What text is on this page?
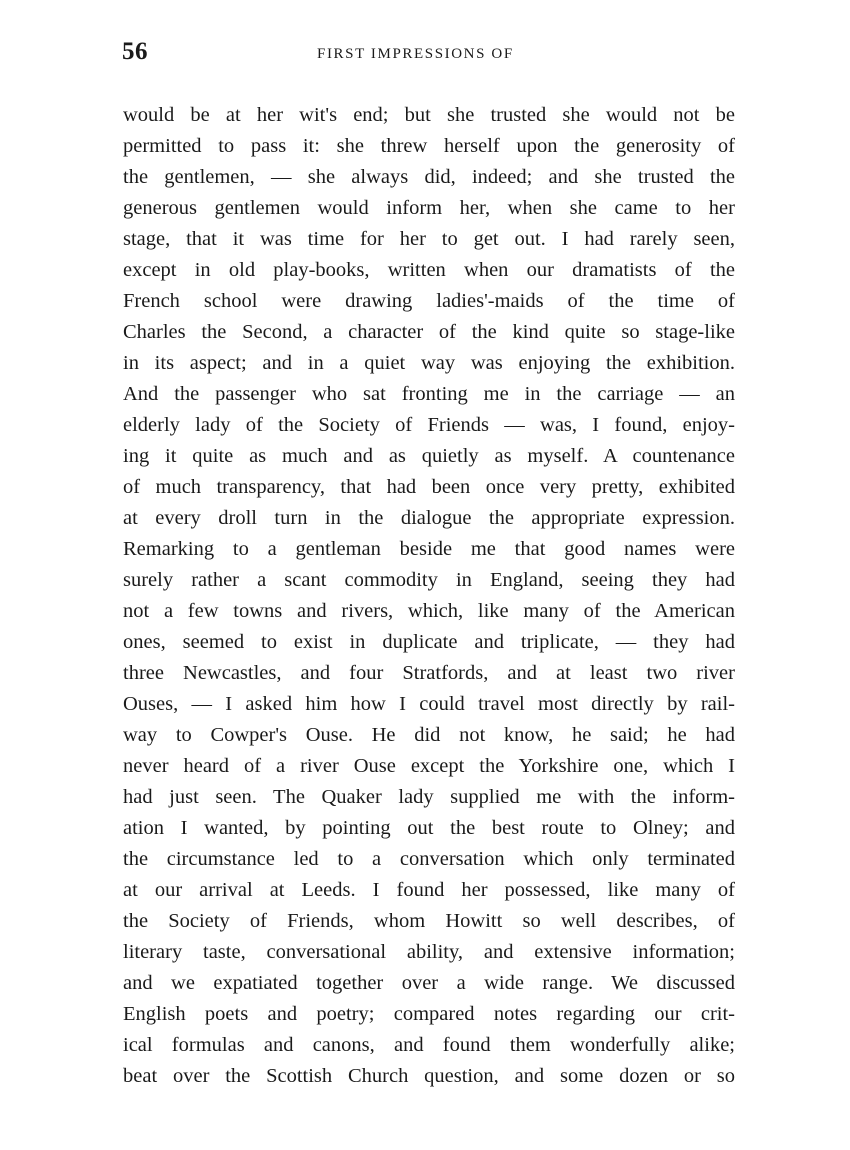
56	FIRST IMPRESSIONS OF
would be at her wit's end; but she trusted she would not be
permitted to pass it: she threw herself upon the generosity of
the gentlemen, — she always did, indeed; and she trusted the
generous gentlemen would inform her, when she came to her
stage, that it was time for her to get out. I had rarely seen,
except in old play-books, written when our dramatists of the
French school were drawing ladies'-maids of the time of
Charles the Second, a character of the kind quite so stage-like
in its aspect; and in a quiet way was enjoying the exhibition.
And the passenger who sat fronting me in the carriage — an
elderly lady of the Society of Friends — was, I found, enjoy-
ing it quite as much and as quietly as myself. A countenance
of much transparency, that had been once very pretty, exhibited
at every droll turn in the dialogue the appropriate expression.
Remarking to a gentleman beside me that good names were
surely rather a scant commodity in England, seeing they had
not a few towns and rivers, which, like many of the American
ones, seemed to exist in duplicate and triplicate, — they had
three Newcastles, and four Stratfords, and at least two river
Ouses, — I asked him how I could travel most directly by rail-
way to Cowper's Ouse. He did not know, he said; he had
never heard of a river Ouse except the Yorkshire one, which I
had just seen. The Quaker lady supplied me with the inform-
ation I wanted, by pointing out the best route to Olney; and
the circumstance led to a conversation which only terminated
at our arrival at Leeds. I found her possessed, like many of
the Society of Friends, whom Howitt so well describes, of
literary taste, conversational ability, and extensive information;
and we expatiated together over a wide range. We discussed
English poets and poetry; compared notes regarding our crit-
ical formulas and canons, and found them wonderfully alike;
beat over the Scottish Church question, and some dozen or so
